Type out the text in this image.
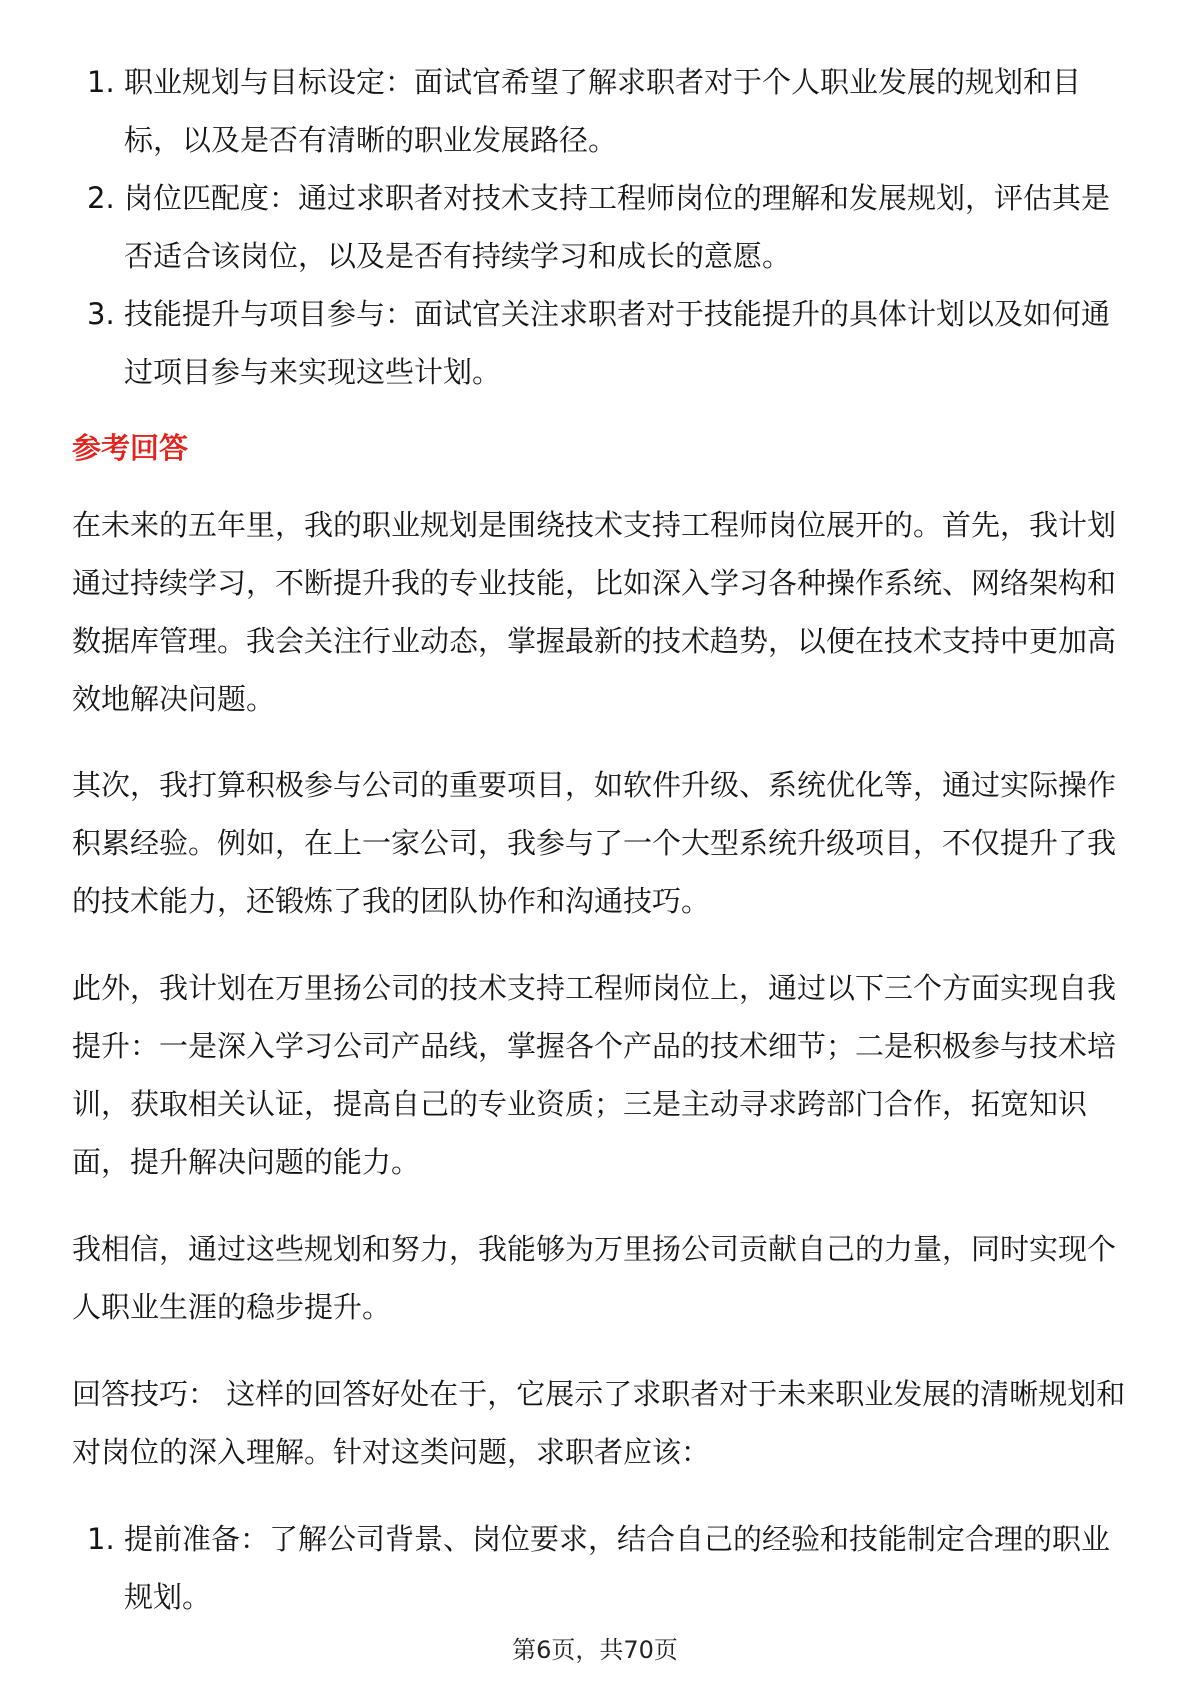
1. 职业规划与目标设定：面试官希望了解求职者对于个人职业发展的规划和目标，以及是否有清晰的职业发展路径。
2. 岗位匹配度：通过求职者对技术支持工程师岗位的理解和发展规划，评估其是否适合该岗位，以及是否有持续学习和成长的意愿。
3. 技能提升与项目参与：面试官关注求职者对于技能提升的具体计划以及如何通过项目参与来实现这些计划。
参考回答

在未来的五年里，我的职业规划是围绕技术支持工程师岗位展开的。首先，我计划通过持续学习，不断提升我的专业技能，比如深入学习各种操作系统、网络架构和数据库管理。我会关注行业动态，掌握最新的技术趋势，以便在技术支持中更加高效地解决问题。

其次，我打算积极参与公司的重要项目，如软件升级、系统优化等，通过实际操作积累经验。例如，在上一家公司，我参与了一个大型系统升级项目，不仅提升了我的技术能力，还锻炼了我的团队协作和沟通技巧。

此外，我计划在万里扬公司的技术支持工程师岗位上，通过以下三个方面实现自我提升：一是深入学习公司产品线，掌握各个产品的技术细节；二是积极参与技术培训，获取相关认证，提高自己的专业资质；三是主动寻求跨部门合作，拓宽知识面，提升解决问题的能力。

我相信，通过这些规划和努力，我能够为万里扬公司贡献自己的力量，同时实现个人职业生涯的稳步提升。

回答技巧： 这样的回答好处在于，它展示了求职者对于未来职业发展的清晰规划和对岗位的深入理解。针对这类问题，求职者应该：

1. 提前准备：了解公司背景、岗位要求，结合自己的经验和技能制定合理的职业规划。
第6页，共70页
